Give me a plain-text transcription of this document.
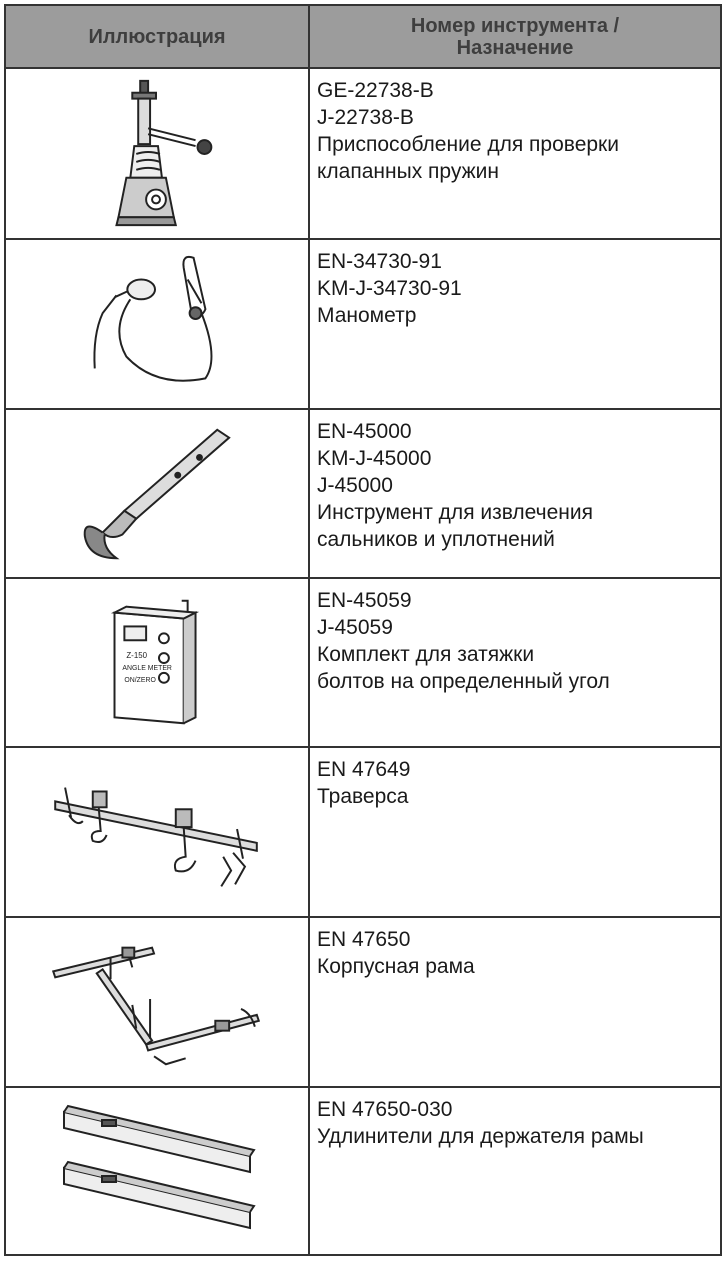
Иллюстрация	Номер инструмента /
Назначение
GE-22738-B
J-22738-B
Приспособление для проверки
клапанных пружин
EN-34730-91
KM-J-34730-91
Манометр
EN-45000
KM-J-45000
J-45000
Инструмент для извлечения
сальников и уплотнений
Z-150
ANGLE METER
ON/ZERO
EN-45059
J-45059
Комплект для затяжки
болтов на определенный угол
EN 47649
Траверса
EN 47650
Корпусная рама
EN 47650-030
Удлинители для держателя рамы
